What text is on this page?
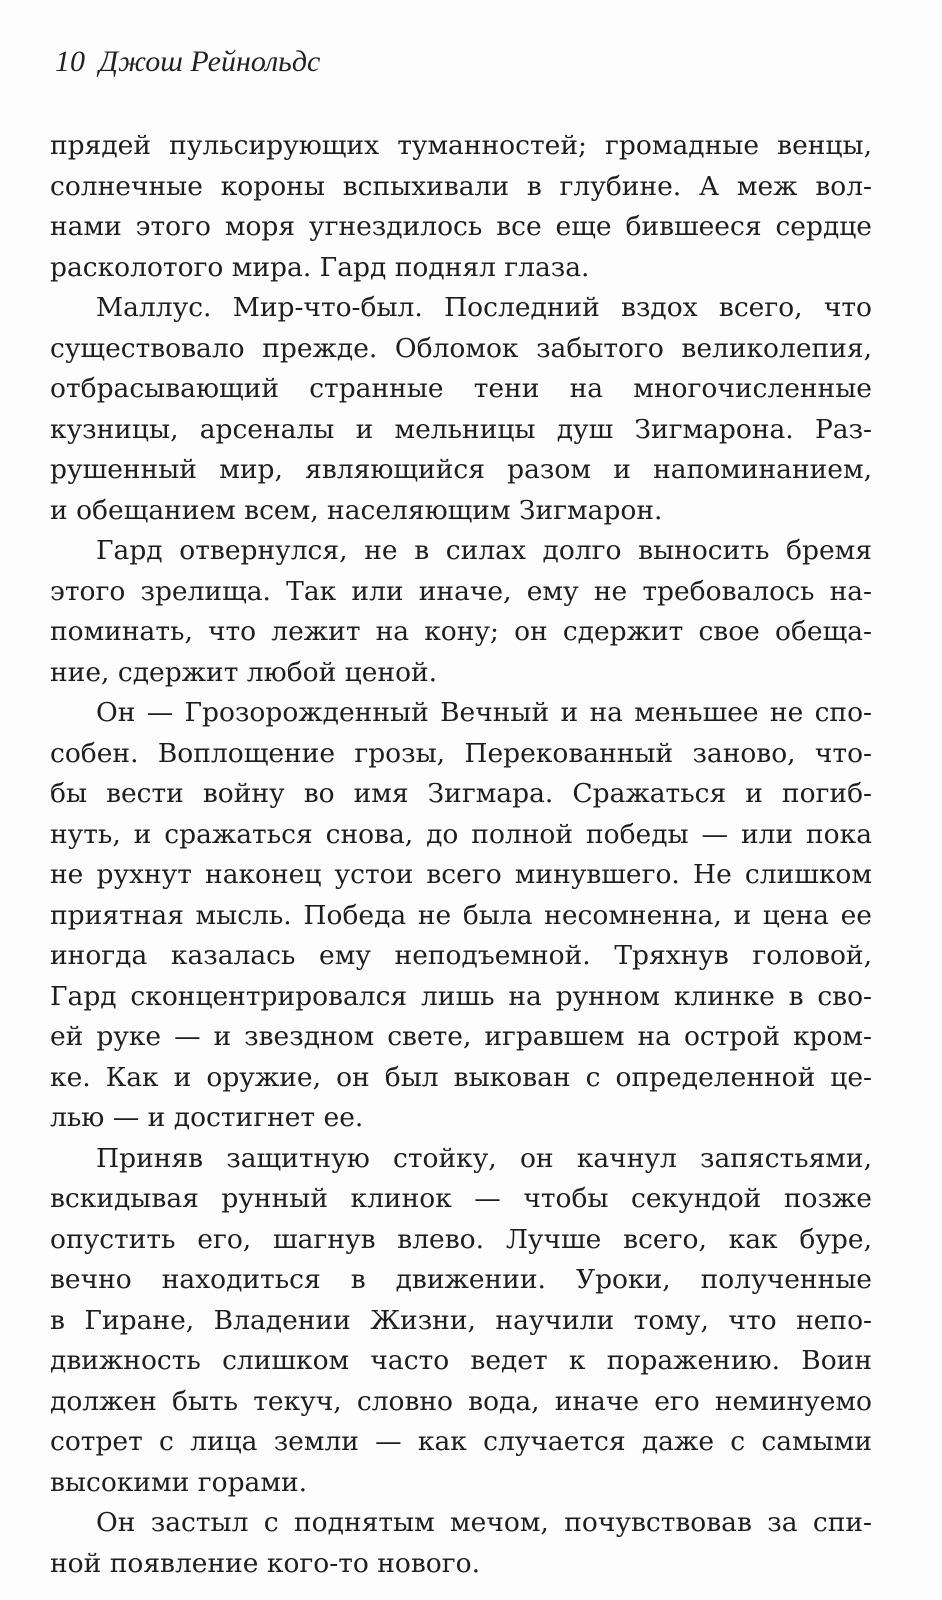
10 Джош Рейнольдс

прядей пульсирующих туманностей; громадные венцы,
солнечные короны вспыхивали в глубине. А меж вол-
нами этого моря угнездилось все еще бившееся сердце
расколотого мира. Гард поднял глаза.

Маллус. Мир-что-был. Последний вздох всего, что
существовало прежде. Обломок забытого великолепия,
отбрасывающий странные тени на многочисленные
кузницы, арсеналы и мельницы душ Зигмарона. Раз-
рушенный мир, являющийся разом и напоминанием,
и обещанием всем, населяющим Зигмарон.

Гард отвернулся, не в силах долго выносить бремя
этого зрелища. Так или иначе, ему не требовалось на-
поминать, что лежит на кону; он сдержит свое обеща-
ние, сдержит любой ценой.

Он — Грозорожденный Вечный и на меньшее не спо-
собен. Воплощение грозы, Перекованный заново, что-
бы вести войну во имя Зигмара. Сражаться и погиб-
нуть, и сражаться снова, до полной победы — или пока
не рухнут наконец устои всего минувшего. Не слишком
приятная мысль. Победа не была несомненна, и цена ее
иногда казалась ему неподъемной. Тряхнув головой,
Гард сконцентрировался лишь на рунном клинке в сво-
ей руке — и звездном свете, игравшем на острой кром-
ке. Как и оружие, он был выкован с определенной це-
лью — и достигнет ее.

Приняв защитную стойку, он качнул запястьями,
вскидывая рунный клинок — чтобы секундой позже
опустить его, шагнув влево. Лучше всего, как буре,
вечно находиться в движении. Уроки, полученные
в Гиране, Владении Жизни, научили тому, что непо-
движность слишком часто ведет к поражению. Воин
должен быть текуч, словно вода, иначе его неминуемо
сотрет с лица земли — как случается даже с самыми
высокими горами.

Он застыл с поднятым мечом, почувствовав за спи-
ной появление кого-то нового.
